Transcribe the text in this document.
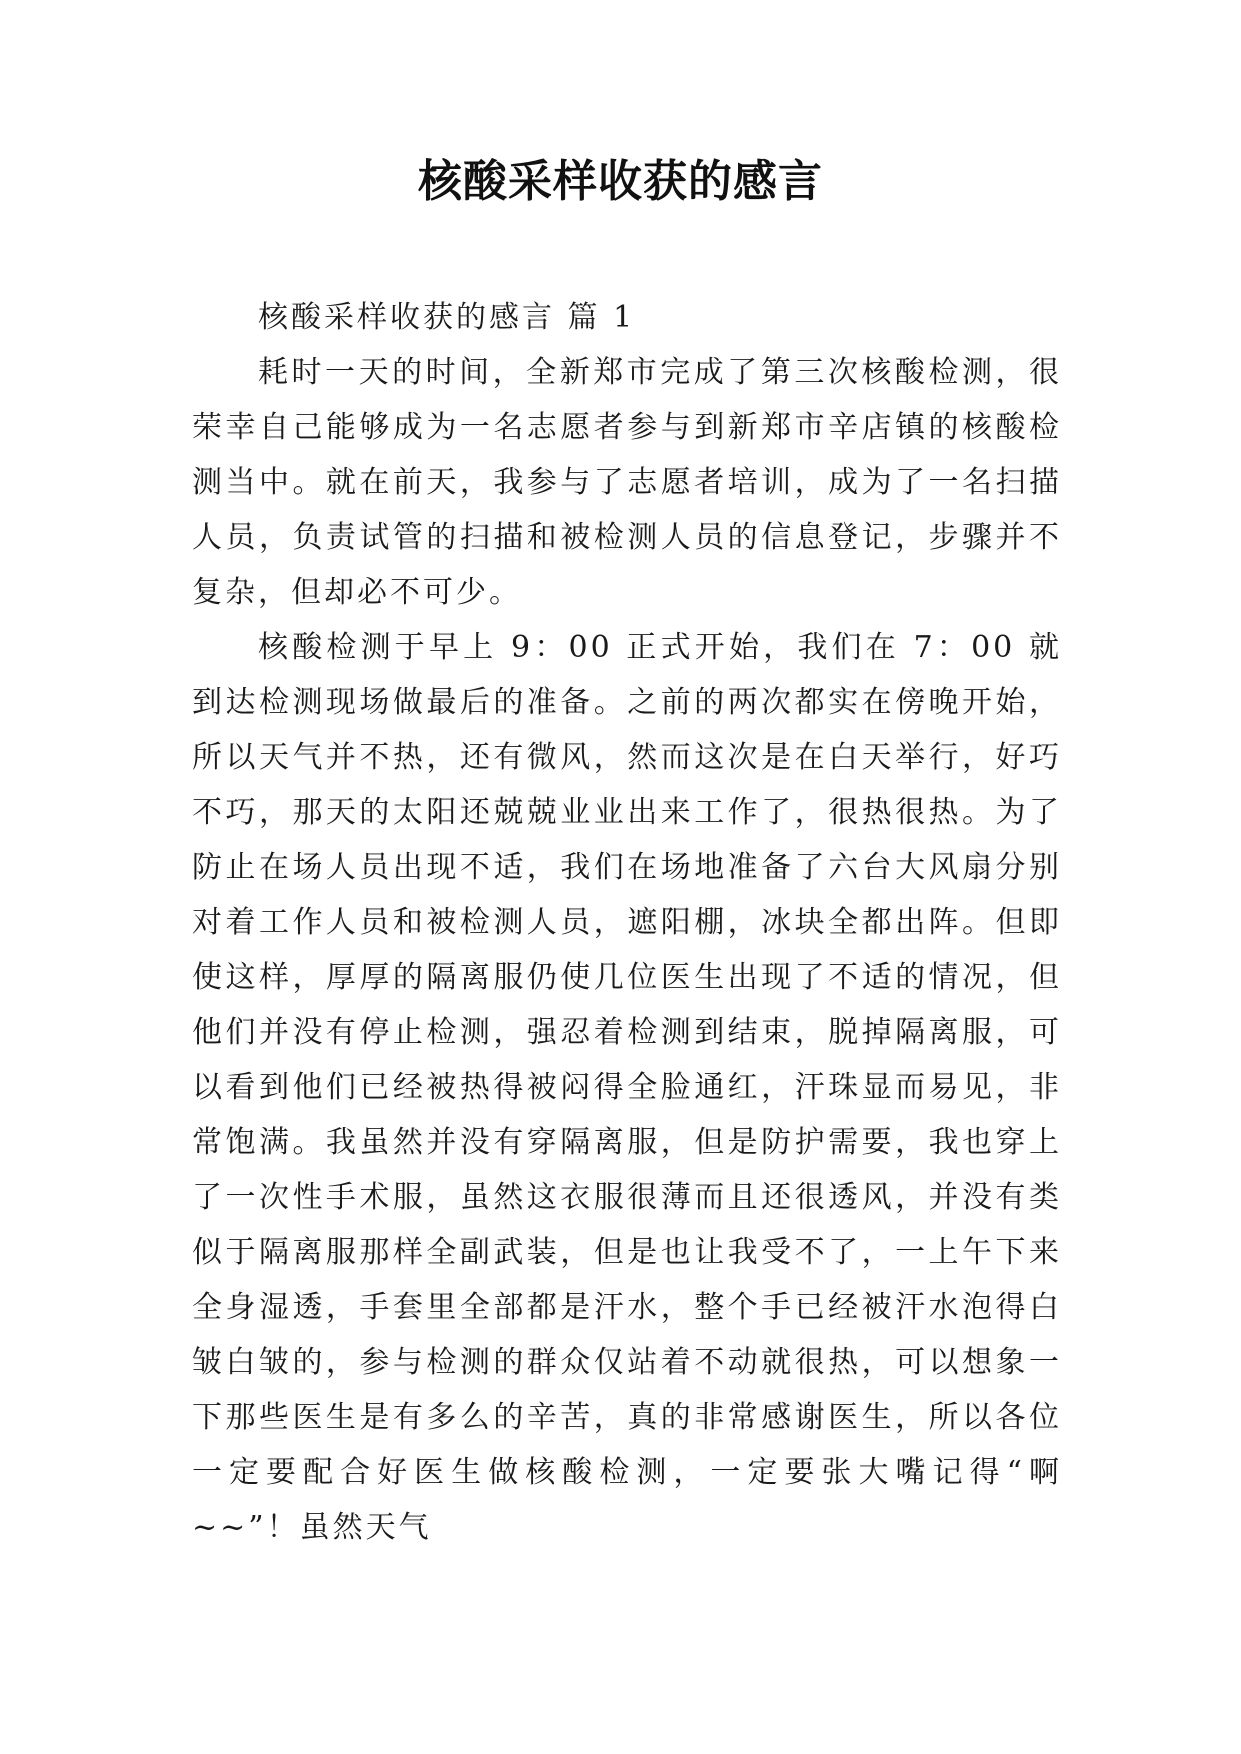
核酸采样收获的感言

核酸采样收获的感言 篇 1

耗时一天的时间，全新郑市完成了第三次核酸检测，很荣幸自己能够成为一名志愿者参与到新郑市辛店镇的核酸检测当中。就在前天，我参与了志愿者培训，成为了一名扫描人员，负责试管的扫描和被检测人员的信息登记，步骤并不复杂，但却必不可少。

核酸检测于早上 9：00 正式开始，我们在 7：00 就到达检测现场做最后的准备。之前的两次都实在傍晚开始，所以天气并不热，还有微风，然而这次是在白天举行，好巧不巧，那天的太阳还兢兢业业出来工作了，很热很热。为了防止在场人员出现不适，我们在场地准备了六台大风扇分别对着工作人员和被检测人员，遮阳棚，冰块全都出阵。但即使这样，厚厚的隔离服仍使几位医生出现了不适的情况，但他们并没有停止检测，强忍着检测到结束，脱掉隔离服，可以看到他们已经被热得被闷得全脸通红，汗珠显而易见，非常饱满。我虽然并没有穿隔离服，但是防护需要，我也穿上了一次性手术服，虽然这衣服很薄而且还很透风，并没有类似于隔离服那样全副武装，但是也让我受不了，一上午下来全身湿透，手套里全部都是汗水，整个手已经被汗水泡得白皱白皱的，参与检测的群众仅站着不动就很热，可以想象一下那些医生是有多么的辛苦，真的非常感谢医生，所以各位一定要配合好医生做核酸检测，一定要张大嘴记得“啊~~”！虽然天气
